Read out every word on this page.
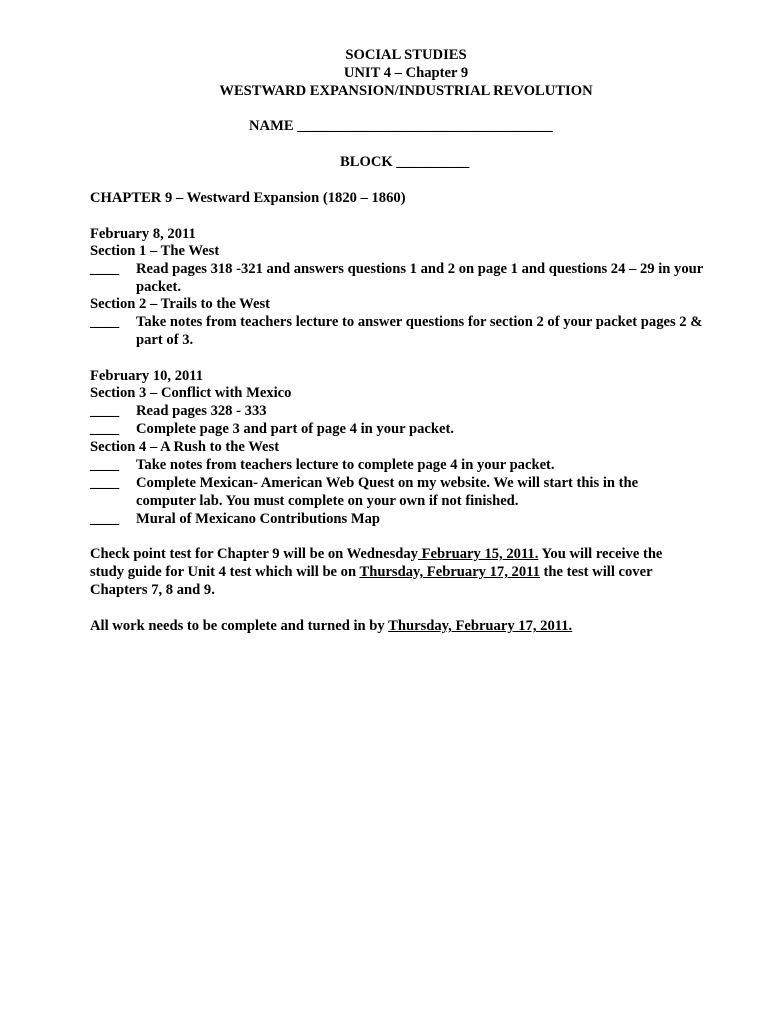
SOCIAL STUDIES
UNIT 4 – Chapter 9
WESTWARD EXPANSION/INDUSTRIAL REVOLUTION
NAME ___________________________________
BLOCK __________
CHAPTER 9 – Westward Expansion (1820 – 1860)
February 8, 2011
Section 1 – The West
____ Read pages 318 -321 and answers questions 1 and 2 on page 1 and questions 24 – 29 in your
packet.
Section 2 – Trails to the West
____ Take notes from teachers lecture to answer questions for section 2 of your packet pages 2 &
part of 3.
February 10, 2011
Section 3 – Conflict with Mexico
____ Read pages 328 - 333
____ Complete page 3 and part of page 4 in your packet.
Section 4 – A Rush to the West
____ Take notes from teachers lecture to complete page 4 in your packet.
____ Complete Mexican- American Web Quest on my website. We will start this in the
computer lab. You must complete on your own if not finished.
____ Mural of Mexicano Contributions Map
Check point test for Chapter 9 will be on Wednesday February 15, 2011. You will receive the
study guide for Unit 4 test which will be on Thursday, February 17, 2011 the test will cover
Chapters 7, 8 and 9.
All work needs to be complete and turned in by Thursday, February 17, 2011.
